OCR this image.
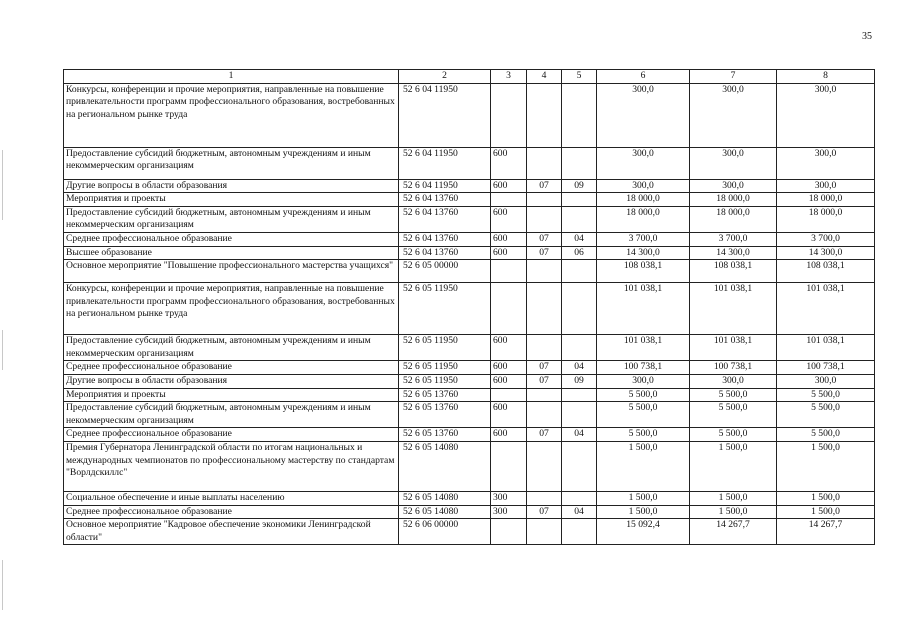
35
1	2	3	4	5	6	7	8
Конкурсы, конференции и прочие мероприятия, направленные на повышение привлекательности программ профессионального образования, востребованных на региональном рынке труда	52 6 04 11950				300,0	300,0	300,0
Предоставление субсидий бюджетным, автономным учреждениям и иным некоммерческим организациям	52 6 04 11950	600			300,0	300,0	300,0
Другие вопросы в области образования	52 6 04 11950	600	07	09	300,0	300,0	300,0
Мероприятия и проекты	52 6 04 13760				18 000,0	18 000,0	18 000,0
Предоставление субсидий бюджетным, автономным учреждениям и иным некоммерческим организациям	52 6 04 13760	600			18 000,0	18 000,0	18 000,0
Среднее профессиональное образование	52 6 04 13760	600	07	04	3 700,0	3 700,0	3 700,0
Высшее образование	52 6 04 13760	600	07	06	14 300,0	14 300,0	14 300,0
Основное мероприятие "Повышение профессионального мастерства учащихся"	52 6 05 00000				108 038,1	108 038,1	108 038,1
Конкурсы, конференции и прочие мероприятия, направленные на повышение привлекательности программ профессионального образования, востребованных на региональном рынке труда	52 6 05 11950				101 038,1	101 038,1	101 038,1
Предоставление субсидий бюджетным, автономным учреждениям и иным некоммерческим организациям	52 6 05 11950	600			101 038,1	101 038,1	101 038,1
Среднее профессиональное образование	52 6 05 11950	600	07	04	100 738,1	100 738,1	100 738,1
Другие вопросы в области образования	52 6 05 11950	600	07	09	300,0	300,0	300,0
Мероприятия и проекты	52 6 05 13760				5 500,0	5 500,0	5 500,0
Предоставление субсидий бюджетным, автономным учреждениям и иным некоммерческим организациям	52 6 05 13760	600			5 500,0	5 500,0	5 500,0
Среднее профессиональное образование	52 6 05 13760	600	07	04	5 500,0	5 500,0	5 500,0
Премия Губернатора Ленинградской области по итогам национальных и международных чемпионатов по профессиональному мастерству по стандартам "Ворлдскиллс"	52 6 05 14080				1 500,0	1 500,0	1 500,0
Социальное обеспечение и иные выплаты населению	52 6 05 14080	300			1 500,0	1 500,0	1 500,0
Среднее профессиональное образование	52 6 05 14080	300	07	04	1 500,0	1 500,0	1 500,0
Основное мероприятие "Кадровое обеспечение экономики Ленинградской области"	52 6 06 00000				15 092,4	14 267,7	14 267,7
